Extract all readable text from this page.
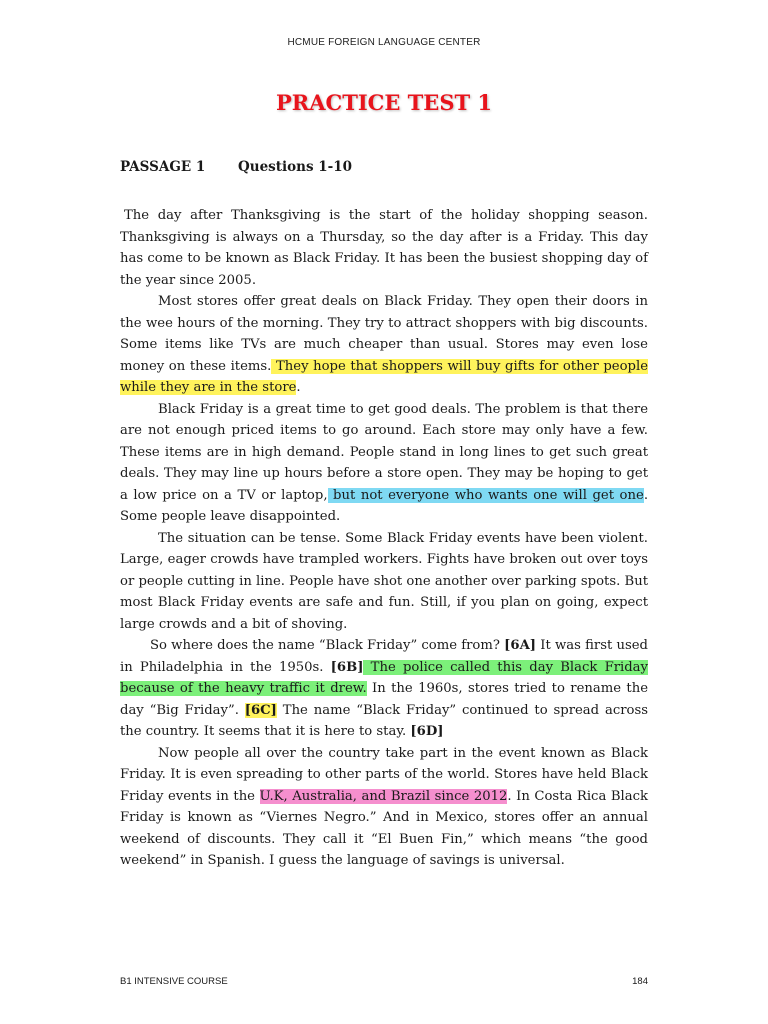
HCMUE FOREIGN LANGUAGE CENTER
PRACTICE TEST 1
PASSAGE 1 Questions 1-10

The day after Thanksgiving is the start of the holiday shopping season. Thanksgiving is always on a Thursday, so the day after is a Friday. This day has come to be known as Black Friday. It has been the busiest shopping day of the year since 2005.

Most stores offer great deals on Black Friday. They open their doors in the wee hours of the morning. They try to attract shoppers with big discounts. Some items like TVs are much cheaper than usual. Stores may even lose money on these items. They hope that shoppers will buy gifts for other people while they are in the store.

Black Friday is a great time to get good deals. The problem is that there are not enough priced items to go around. Each store may only have a few. These items are in high demand. People stand in long lines to get such great deals. They may line up hours before a store open. They may be hoping to get a low price on a TV or laptop, but not everyone who wants one will get one. Some people leave disappointed.

The situation can be tense. Some Black Friday events have been violent. Large, eager crowds have trampled workers. Fights have broken out over toys or people cutting in line. People have shot one another over parking spots. But most Black Friday events are safe and fun. Still, if you plan on going, expect large crowds and a bit of shoving.

So where does the name “Black Friday” come from? [6A] It was first used in Philadelphia in the 1950s. [6B] The police called this day Black Friday because of the heavy traffic it drew. In the 1960s, stores tried to rename the day “Big Friday”. [6C] The name “Black Friday” continued to spread across the country. It seems that it is here to stay. [6D]

Now people all over the country take part in the event known as Black Friday. It is even spreading to other parts of the world. Stores have held Black Friday events in the U.K, Australia, and Brazil since 2012. In Costa Rica Black Friday is known as “Viernes Negro.” And in Mexico, stores offer an annual weekend of discounts. They call it “El Buen Fin,” which means “the good weekend” in Spanish. I guess the language of savings is universal.

B1 INTENSIVE COURSE	184
